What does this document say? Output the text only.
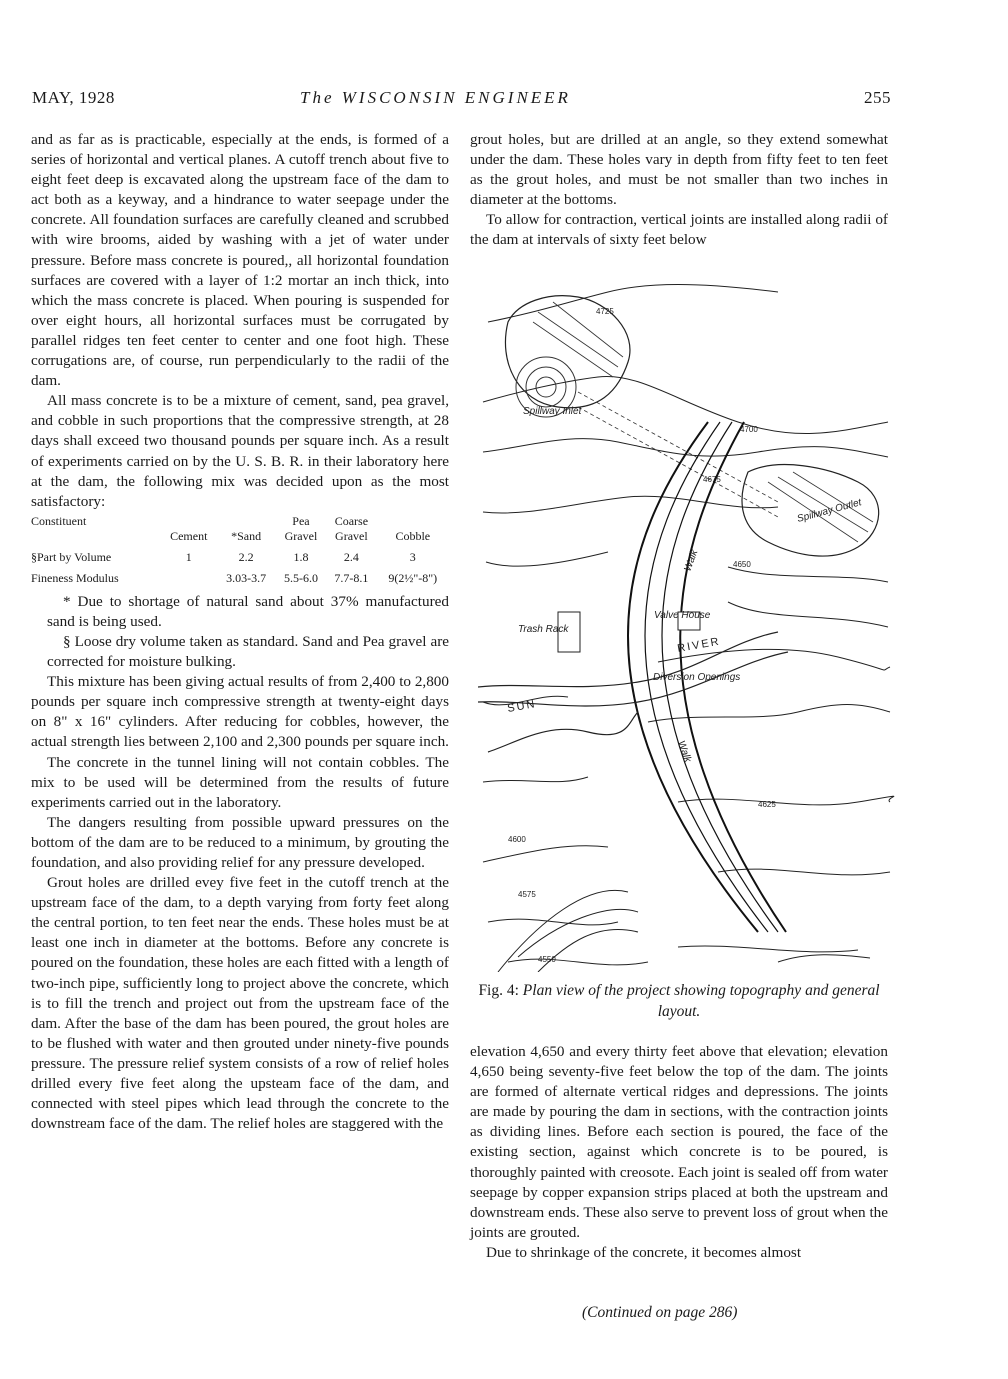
MAY, 1928	The WISCONSIN ENGINEER	255

and as far as is practicable, especially at the ends, is formed of a series of horizontal and vertical planes. A cutoff trench about five to eight feet deep is excavated along the upstream face of the dam to act both as a keyway, and a hindrance to water seepage under the concrete. All foundation surfaces are carefully cleaned and scrubbed with wire brooms, aided by washing with a jet of water under pressure. Before mass concrete is poured,, all horizontal foundation surfaces are covered with a layer of 1:2 mortar an inch thick, into which the mass concrete is placed. When pouring is suspended for over eight hours, all horizontal surfaces must be corrugated by parallel ridges ten feet center to center and one foot high. These corrugations are, of course, run perpendicularly to the radii of the dam.

All mass concrete is to be a mixture of cement, sand, pea gravel, and cobble in such proportions that the compressive strength, at 28 days shall exceed two thousand pounds per square inch. As a result of experiments carried on by the U. S. B. R. in their laboratory here at the dam, the following mix was decided upon as the most satisfactory:

Constituent			Pea	Coarse	
	Cement	*Sand	Gravel	Gravel	Cobble
§Part by Volume	1	2.2	1.8	2.4	3
Fineness Modulus		3.03-3.7	5.5-6.0	7.7-8.1	9(2½"-8")

* Due to shortage of natural sand about 37% manufactured sand is being used.

§ Loose dry volume taken as standard. Sand and Pea gravel are corrected for moisture bulking.

This mixture has been giving actual results of from 2,400 to 2,800 pounds per square inch compressive strength at twenty-eight days on 8" x 16" cylinders. After reducing for cobbles, however, the actual strength lies between 2,100 and 2,300 pounds per square inch.

The concrete in the tunnel lining will not contain cobbles. The mix to be used will be determined from the results of future experiments carried out in the laboratory.

The dangers resulting from possible upward pressures on the bottom of the dam are to be reduced to a minimum, by grouting the foundation, and also providing relief for any pressure developed.

Grout holes are drilled evey five feet in the cutoff trench at the upstream face of the dam, to a depth varying from forty feet along the central portion, to ten feet near the ends. These holes must be at least one inch in diameter at the bottoms. Before any concrete is poured on the foundation, these holes are each fitted with a length of two-inch pipe, sufficiently long to project above the concrete, which is to fill the trench and project out from the upstream face of the dam. After the base of the dam has been poured, the grout holes are to be flushed with water and then grouted under ninety-five pounds pressure. The pressure relief system consists of a row of relief holes drilled every five feet along the upsteam face of the dam, and connected with steel pipes which lead through the concrete to the downstream face of the dam. The relief holes are staggered with the

grout holes, but are drilled at an angle, so they extend somewhat under the dam. These holes vary in depth from fifty feet to ten feet as the grout holes, and must be not smaller than two inches in diameter at the bottoms.

To allow for contraction, vertical joints are installed along radii of the dam at intervals of sixty feet below

Spillway Inlet
Spillway Outlet
Valve House
Trash Rack
RIVER
Diversion Openings
SUN
Walk
Walk
4700
4675
4650
4625
4600
4575
4550
4725
Fig. 4: Plan view of the project showing topography and general layout.

elevation 4,650 and every thirty feet above that elevation; elevation 4,650 being seventy-five feet below the top of the dam. The joints are formed of alternate vertical ridges and depressions. The joints are made by pouring the dam in sections, with the contraction joints as dividing lines. Before each section is poured, the face of the existing section, against which concrete is to be poured, is thoroughly painted with creosote. Each joint is sealed off from water seepage by copper expansion strips placed at both the upstream and downstream ends. These also serve to prevent loss of grout when the joints are grouted.

Due to shrinkage of the concrete, it becomes almost

(Continued on page 286)
